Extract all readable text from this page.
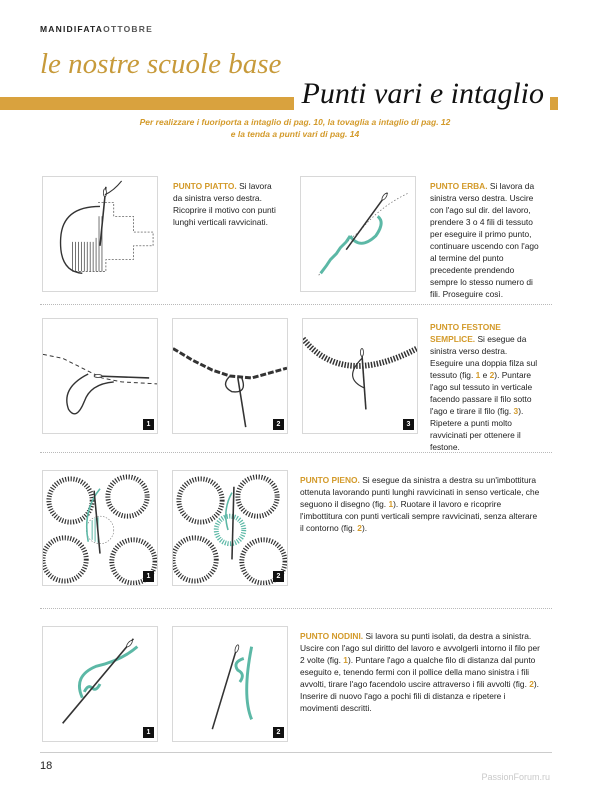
MANIDIFATAOTTOBRE
le nostre scuole base
Punti vari e intaglio
Per realizzare i fuoriporta a intaglio di pag. 10, la tovaglia a intaglio di pag. 12
e la tenda a punti vari di pag. 14
PUNTO PIATTO. Si lavora da sinistra verso destra. Ricoprire il motivo con punti lunghi verticali ravvicinati.
PUNTO ERBA. Si lavora da sinistra verso destra. Uscire con l'ago sul dir. del lavoro, prendere 3 o 4 fili di tessuto per eseguire il primo punto, continuare uscendo con l'ago al termine del punto precedente prendendo sempre lo stesso numero di fili. Proseguire così.
1	2	3
PUNTO FESTONE SEMPLICE. Si esegue da sinistra verso destra. Eseguire una doppia filza sul tessuto (fig. 1 e 2). Puntare l'ago sul tessuto in verticale facendo passare il filo sotto l'ago e tirare il filo (fig. 3). Ripetere a punti molto ravvicinati per ottenere il festone.
1	2
PUNTO PIENO. Si esegue da sinistra a destra su un'imbottitura ottenuta lavorando punti lunghi ravvicinati in senso verticale, che seguono il disegno (fig. 1). Ruotare il lavoro e ricoprire l'imbottitura con punti verticali sempre ravvicinati, senza alterare il contorno (fig. 2).
1	2
PUNTO NODINI. Si lavora su punti isolati, da destra a sinistra. Uscire con l'ago sul diritto del lavoro e avvolgerli intorno il filo per 2 volte (fig. 1). Puntare l'ago a qualche filo di distanza dal punto eseguito e, tenendo fermi con il pollice della mano sinistra i fili avvolti, tirare l'ago facendolo uscire attraverso i fili avvolti (fig. 2). Inserire di nuovo l'ago a pochi fili di distanza e ripetere i movimenti descritti.
18
PassionForum.ru
